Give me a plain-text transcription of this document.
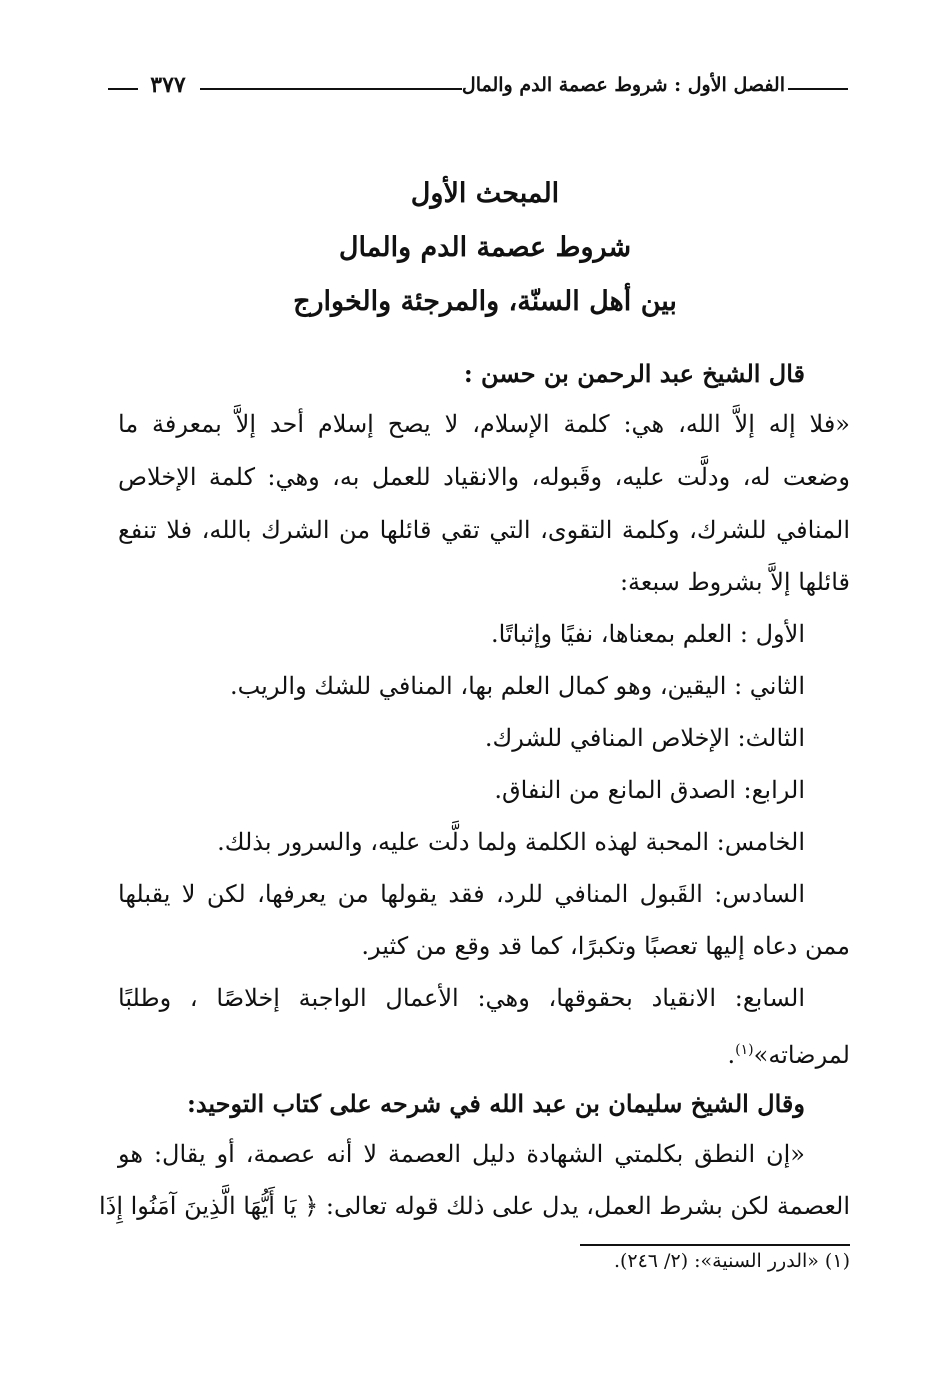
الفصل الأول : شروط عصمة الدم والمال
٣٧٧
المبحث الأول
شروط عصمة الدم والمال
بين أهل السنّة، والمرجئة والخوارج
قال الشيخ عبد الرحمن بن حسن :
«فلا إله إلاَّ الله، هي: كلمة الإسلام، لا يصح إسلام أحد إلاَّ بمعرفة ما
وضعت له، ودلَّت عليه، وقَبوله، والانقياد للعمل به، وهي: كلمة الإخلاص
المنافي للشرك، وكلمة التقوى، التي تقي قائلها من الشرك بالله، فلا تنفع
قائلها إلاَّ بشروط سبعة:
الأول : العلم بمعناها، نفيًا وإثباتًا.
الثاني : اليقين، وهو كمال العلم بها، المنافي للشك والريب.
الثالث: الإخلاص المنافي للشرك.
الرابع: الصدق المانع من النفاق.
الخامس: المحبة لهذه الكلمة ولما دلَّت عليه، والسرور بذلك.
السادس: القَبول المنافي للرد، فقد يقولها من يعرفها، لكن لا يقبلها
ممن دعاه إليها تعصبًا وتكبرًا، كما قد وقع من كثير.
السابع: الانقياد بحقوقها، وهي: الأعمال الواجبة إخلاصًا ، وطلبًا
لمرضاته»$^{(١)}$.
وقال الشيخ سليمان بن عبد الله في شرحه على كتاب التوحيد:
«إن النطق بكلمتي الشهادة دليل العصمة لا أنه عصمة، أو يقال: هو
العصمة لكن بشرط العمل، يدل على ذلك قوله تعالى: ﴿ يَا أَيُّهَا الَّذِينَ آمَنُوا إِذَا
(١) «الدرر السنية»: (٢/ ٢٤٦).
